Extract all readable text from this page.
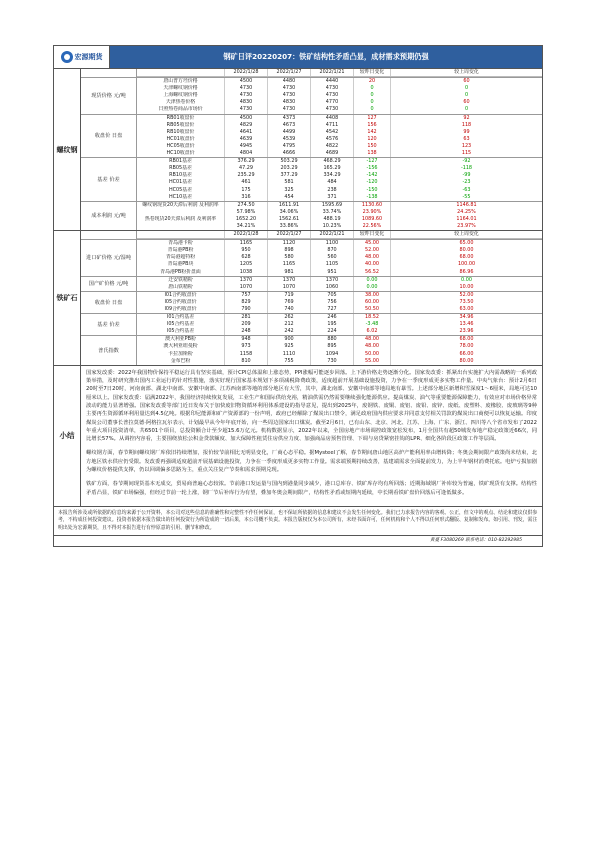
宏源期货	钢矿日评20220207：铁矿结构性矛盾凸显，成材需求预期仍强
螺纹钢
2022/1/28	2022/1/27	2022/1/21	较昨日变化	较上周变化
现货价格 元/吨
唐山普方坯价格	4500	4480	4440	20	60
天津螺纹钢价格	4730	4730	4730	0	0
上海螺纹钢价格	4730	4730	4730	0	0
天津热卷价格	4830	4830	4770	0	60
日照热卷商品市场价	4730	4730	4730	0	0
收盘价 日盘
RB01收盘价	4500	4373	4408	127	92
RB05收盘价	4829	4673	4711	156	118
RB10收盘价	4641	4499	4542	142	99
HC01收盘价	4639	4539	4576	120	63
HC05收盘价	4945	4795	4822	150	123
HC10收盘价	4804	4666	4689	138	115
基差 价差
RB01基差	376.29	503.29	468.29	-127	-92
RB05基差	47.29	203.29	165.29	-156	-118
RB10基差	235.29	377.29	334.29	-142	-99
HC01基差	461	581	484	-120	-23
HC05基差	175	325	238	-150	-63
HC10基差	316	454	371	-138	-55
成本利润 元/吨
螺纹钢现货20天滞后利润 及利润率	274.50	1611.91	1595.69	1130.60	1146.81
57.98%	34.06%	33.74%	23.90%	24.25%
热卷现货20天滞后利润 及利润率	1652.20	1562.61	488.19	1089.60	1164.01
34.21%	33.86%	10.23%	22.56%	23.97%
铁矿石
2022/1/28	2022/1/27	2022/1/21	较昨日变化	较上周变化
进口矿价格 元/湿吨
青岛港卡粉	1165	1120	1100	45.00	65.00
青岛港PB粉	950	898	870	52.00	80.00
青岛港超特粉	628	580	560	48.00	68.00
青岛港PB块	1205	1165	1105	40.00	100.00
青岛港PB粉折盘面	1038	981	951	56.52	86.96
国产矿价格 元/吨
迁安铁精粉	1370	1370	1370	0.00	0.00
唐山铁精粉	1070	1070	1060	0.00	10.00
收盘价 日盘
I01合约收盘价	757	719	705	38.00	52.00
I05合约收盘价	829	769	756	60.00	73.50
I09合约收盘价	790	740	727	50.50	63.00
基差 价差
I01合约基差	281	262	246	18.52	34.96
I05合约基差	209	212	195	-3.48	13.46
I05合约基差	248	242	224	6.02	23.96
普氏指数
澳大利亚PB粉	948	900	880	48.00	68.00
澳大利亚纽曼粉	973	925	895	48.00	78.00
卡拉加斯粉	1158	1110	1094	50.00	66.00
金布巴粉	810	755	730	55.00	80.00
小结

国家发改委：2022年我国物价保持平稳运行具有坚实基础，预计CPI总体温和上涨态势，PPI涨幅可能逐步回落。上下游价格走势逐渐分化。国家发改委：抓紧出台实施扩大内需战略的一系列政策举措，及时研究推出国内工业运行的针对性措施，落实好现行国家基本规划下多项减税降费政策，适度超前开展基础设施投资，力争在一季度形成更多实物工作量。中央气象台：预计2月6日20时至7日20时，河南南部、湖北中南部、安徽中南部、江苏西南部等地的部分地区有大雪，其中，湖北南部、安徽中南部等地局地有暴雪。上述部分地区新增积雪深度1～6厘米，局地可达10厘米以上。国家发改委：届满2022年，我国经济持续恢复发展，工业生产和国际供给充裕，精油供需仍然需要继续强化能源供应。提高煤炭、油气等重要能源保障能力，有效应对市场价格异常波动的能力显著增强。国家发改委等部门近日发布关于加快废旧物资循环利用体系建设的指导意见，提出到2025年，废钢铁、废铜、废铝、废铅、废锌、废纸、废塑料、废橡胶、废玻璃等9种主要再生资源循环利用量达到4.5亿吨。根据印尼能源和矿产资源部的一份声明，政府已经解除了煤炭出口禁令，满足政府国内供应要求并同意支付相关罚款的煤炭出口商便可以恢复运输。印度煤炭公司董事长普拉莫德·阿格拉瓦尔表示，计划最早从今年年底开始，向一些周边国家出口煤炭。截至2月6日，已有山东、北京、河北、江苏、上海、广东、浙江、四川等八个省市发布了2022年重大项目投资清单，共6501个项目，总投资额合计至少超15.6万亿元。机构数据显示，2022年以来，全国房地产市场调控政策宽松发布，1月全国共有超50城发布地产稳定政策近66次，同比增长57%。从调控内容看，主要围绕放松公积金贷款额度、加大保障性租赁住房供应力度、加强商品房预售管理、下调与房贷紧密挂钩的LPR、细化各阶段区政策工作等层面。

螺纹钢方面，春节期间螺纹钢厂库依旧持续增加，报价较节前相比无明显变化，厂商心态平稳。据Mysteel了解，春节期间唐山地区高炉产能利用率由增转降；冬奥会期间限产政策尚未结束，北方地区铁水供应仍受限。发改委再强调适度超前开展基础设施投资，力争在一季度形成更多实物工作量。需求端预期持续改善，基建端需求全面提前发力，为上半年钢材消费托底。电炉亏损加剧为螺纹价格提供支撑，仍以回调偏多思路为主，重点关注复产节奏和需求预期兑现。

铁矿方面，春节期间现货基本无成交，贸易商普遍心态较浓。节前港口发运量与国内到港量同步减少，港口总库存、铁矿库存均有所回落；近期海域钢厂补库较为普遍，铁矿现货有支撑。结构性矛盾凸显，铁矿市场偏强，但经过节前一轮上涨，钢厂节后补库行为有望，叠加冬奥会期间限产，结构性矛盾或短期内延续，中长期看铁矿盘价回落后可逢低做多。

本报告所涉及或所依据的信息均来源于公开资料，本公司对这些信息的准确性和完整性不作任何保证，也不保证所依据的信息和建议不会发生任何变化。我们已力求报告内容的客观、公正，但文中的观点、结论和建议仅供参考，不构成任何投资建议。投资者依据本报告做出的任何投资行为所造成的一切后果，本公司概不负责。本报告版权仅为本公司所有，未经书面许可，任何机构和个人不得以任何形式翻版、复制和发布。如引用、刊发，需注明出处为宏源期货，且不得对本报告进行有悖原意的引用、删节和修改。
黄蔓 F3080269 联系电话：010-82292985
